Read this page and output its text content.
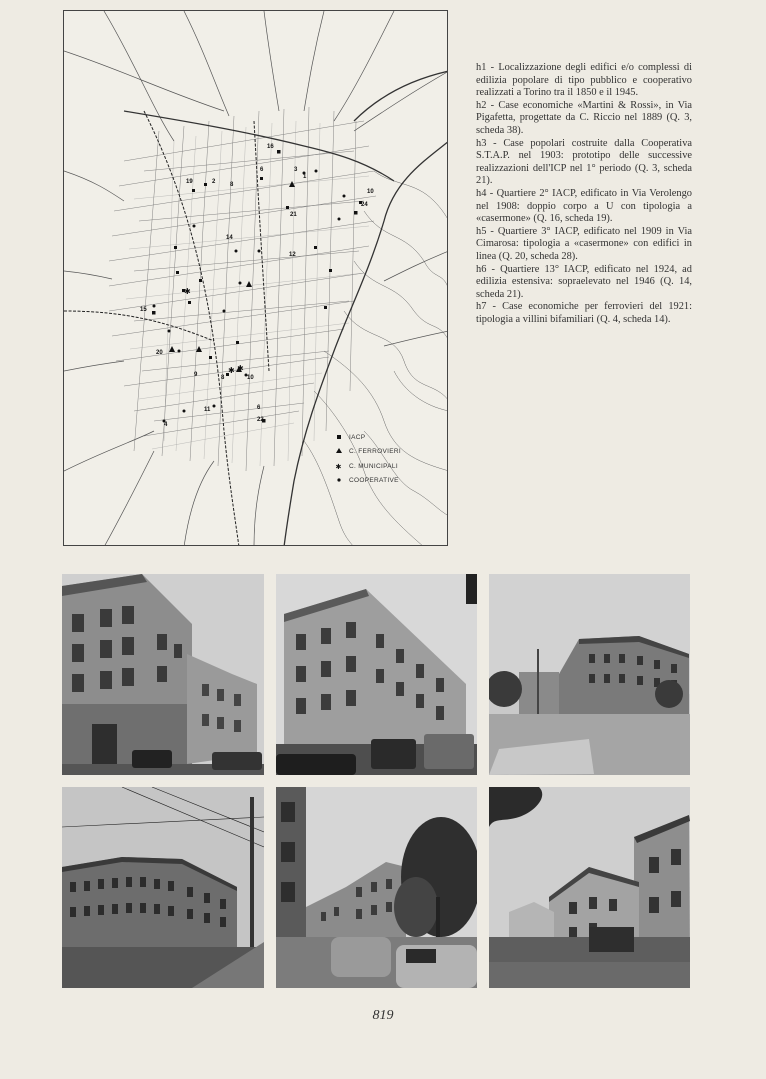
✱ ✱
✱
16
19	2 8
6	3
1
10
24
21
15
20
9
11
4
10
8
6
22
14
12
IACP
C. FERROVIERI
✱ C. MUNICIPALI
COOPERATIVE

h1 - Localizzazione degli edifici e/o complessi di edilizia popolare di tipo pubblico e cooperativo realizzati a Torino tra il 1850 e il 1945.

h2 - Case economiche «Martini & Rossi», in Via Pigafetta, progettate da C. Riccio nel 1889 (Q. 3, scheda 38).

h3 - Case popolari costruite dalla Cooperativa S.T.A.P. nel 1903: prototipo delle successive realizzazioni dell'ICP nel 1° periodo (Q. 3, scheda 21).

h4 - Quartiere 2° IACP, edificato in Via Verolengo nel 1908: doppio corpo a U con tipologia a «casermone» (Q. 16, scheda 19).

h5 - Quartiere 3° IACP, edificato nel 1909 in Via Cimarosa: tipologia a «casermone» con edifici in linea (Q. 20, scheda 28).

h6 - Quartiere 13° IACP, edificato nel 1924, ad edilizia estensiva: sopraelevato nel 1946 (Q. 14, scheda 21).

h7 - Case economiche per ferrovieri del 1921: tipologia a villini bifamiliari (Q. 4, scheda 14).

819
